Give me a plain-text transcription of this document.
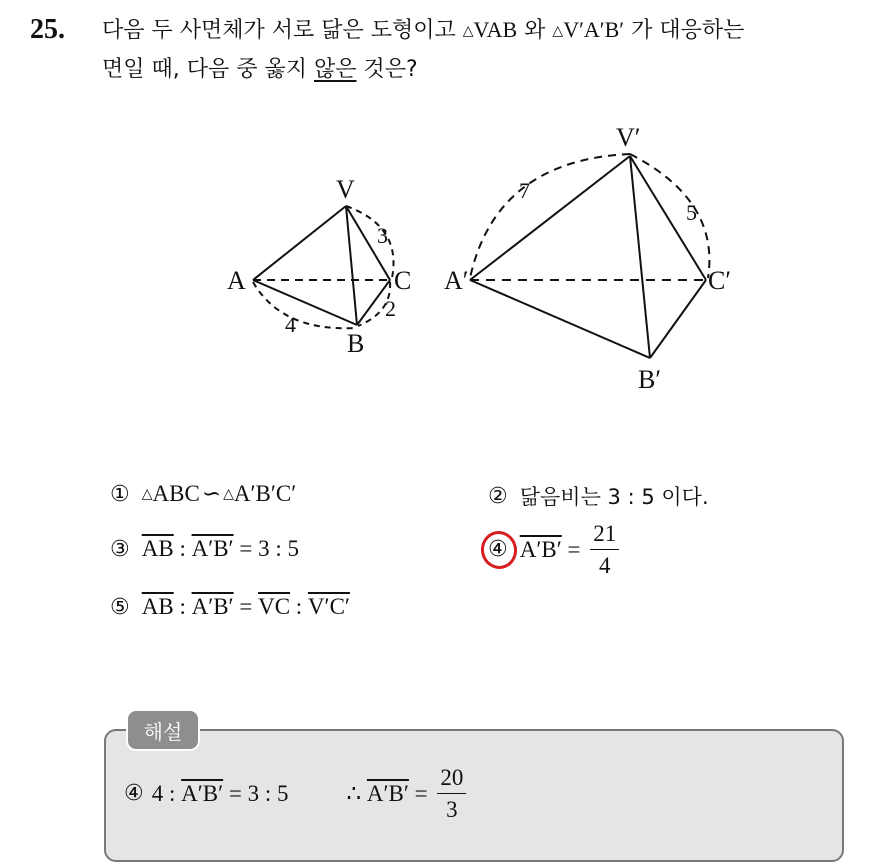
25. 다음 두 사면체가 서로 닮은 도형이고 △VAB 와 △V′A′B′ 가 대응하는
면일 때, 다음 중 옳지 않은 것은?
V
A
B
C
3
2
4
V′
A′
B′
C′
7
5
① △ ABC ∽ △ A′B′C′	② 닮음비는 3 : 5 이다.
③ $\overline{AB}$ : A′B′ = 3 : 5	④ $A'B' = \frac{21}{4}$
⑤ $\overline{AB}$ : $A'B' = \overline{VC}$ : V′C′
해설
④ 4 : A′B′ = 3 : 5	∴ $A'B' = \frac{20}{3}$
